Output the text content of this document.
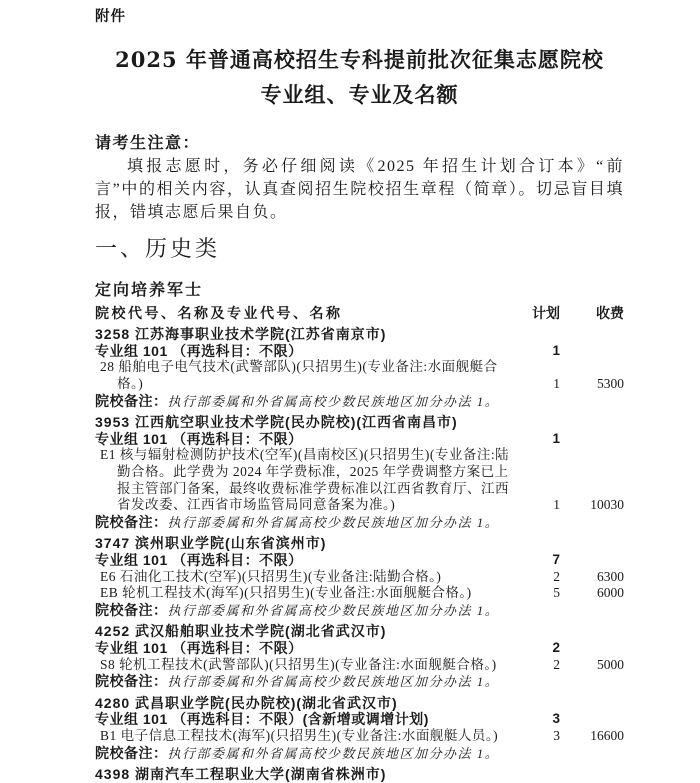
附件
2025 年普通高校招生专科提前批次征集志愿院校
专业组、专业及名额
请考生注意：

填报志愿时，务必仔细阅读《2025 年招生计划合订本》“前言”中的相关内容，认真查阅招生院校招生章程（简章）。切忌盲目填报，错填志愿后果自负。

一、历史类
定向培养军士
院校代号、名称及专业代号、名称	计划	收费
3258 江苏海事职业技术学院(江苏省南京市)
专业组 101 （再选科目：不限）	1
28 船舶电子电气技术(武警部队)(只招男生)(专业备注:水面舰艇合格。)	1	5300
院校备注：执行部委属和外省属高校少数民族地区加分办法 1。
3953 江西航空职业技术学院(民办院校)(江西省南昌市)
专业组 101 （再选科目：不限）	1
E1 核与辐射检测防护技术(空军)(昌南校区)(只招男生)(专业备注:陆勤合格。此学费为 2024 年学费标准，2025 年学费调整方案已上报主管部门备案，最终收费标准学费标准以江西省教育厅、江西省发改委、江西省市场监管局同意备案为准。)	1	10030
院校备注：执行部委属和外省属高校少数民族地区加分办法 1。
3747 滨州职业学院(山东省滨州市)
专业组 101 （再选科目：不限）	7
E6 石油化工技术(空军)(只招男生)(专业备注:陆勤合格。)	2	6300
EB 轮机工程技术(海军)(只招男生)(专业备注:水面舰艇合格。)	5	6000
院校备注：执行部委属和外省属高校少数民族地区加分办法 1。
4252 武汉船舶职业技术学院(湖北省武汉市)
专业组 101 （再选科目：不限）	2
S8 轮机工程技术(武警部队)(只招男生)(专业备注:水面舰艇合格。)	2	5000
院校备注：执行部委属和外省属高校少数民族地区加分办法 1。
4280 武昌职业学院(民办院校)(湖北省武汉市)
专业组 101 （再选科目：不限）(含新增或调增计划)	3
B1 电子信息工程技术(海军)(只招男生)(专业备注:水面舰艇人员。)	3	16600
院校备注：执行部委属和外省属高校少数民族地区加分办法 1。
4398 湖南汽车工程职业大学(湖南省株洲市)
